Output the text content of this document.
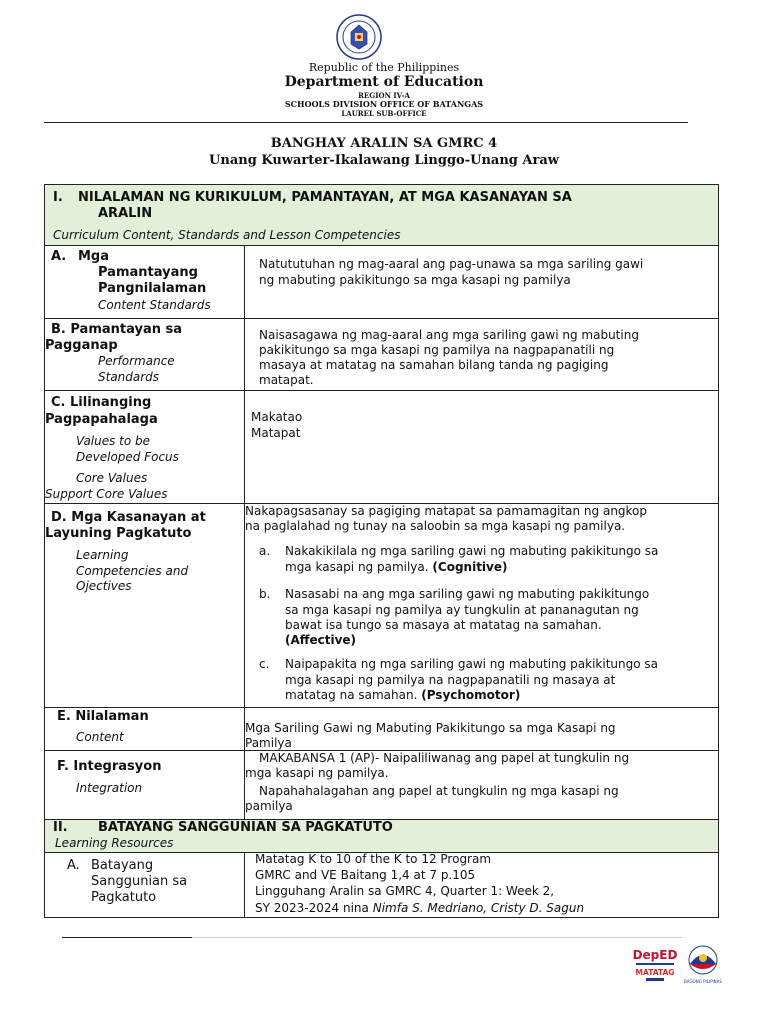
Republic of the Philippines
Department of Education
REGION IV-A
SCHOOLS DIVISION OFFICE OF BATANGAS
LAUREL SUB-OFFICE
BANGHAY ARALIN SA GMRC 4
Unang Kuwarter-Ikalawang Linggo-Unang Araw
I. NILALAMAN NG KURIKULUM, PAMANTAYAN, AT MGA KASANAYAN SA
ARALIN
Curriculum Content, Standards and Lesson Competencies
A. Mga
Pamantayang
Pangnilalaman
Content Standards
Natututuhan ng mag-aaral ang pag-unawa sa mga sariling gawi
ng mabuting pakikitungo sa mga kasapi ng pamilya
B. Pamantayan sa
Pagganap
Performance
Standards
Naisasagawa ng mag-aaral ang mga sariling gawi ng mabuting
pakikitungo sa mga kasapi ng pamilya na nagpapanatili ng
masaya at matatag na samahan bilang tanda ng pagiging
matapat.
C. Lilinanging
Pagpapahalaga
Values to be
Developed Focus
Core Values
Support Core Values
Makatao
Matapat
D. Mga Kasanayan at
Layuning Pagkatuto
Learning
Competencies and
Ojectives
Nakapagsasanay sa pagiging matapat sa pamamagitan ng angkop
na paglalahad ng tunay na saloobin sa mga kasapi ng pamilya.
a. Nakakikilala ng mga sariling gawi ng mabuting pakikitungo sa
mga kasapi ng pamilya. (Cognitive)
b. Nasasabi na ang mga sariling gawi ng mabuting pakikitungo
sa mga kasapi ng pamilya ay tungkulin at pananagutan ng
bawat isa tungo sa masaya at matatag na samahan.
(Affective)
c. Naipapakita ng mga sariling gawi ng mabuting pakikitungo sa
mga kasapi ng pamilya na nagpapanatili ng masaya at
matatag na samahan. (Psychomotor)
E. Nilalaman
Content
Mga Sariling Gawi ng Mabuting Pakikitungo sa mga Kasapi ng
Pamilya
F. Integrasyon
Integration
MAKABANSA 1 (AP)- Naipaliliwanag ang papel at tungkulin ng
mga kasapi ng pamilya.
Napahahalagahan ang papel at tungkulin ng mga kasapi ng
pamilya
II. BATAYANG SANGGUNIAN SA PAGKATUTO
Learning Resources
A. Batayang
Sanggunian sa
Pagkatuto
Matatag K to 10 of the K to 12 Program
GMRC and VE Baitang 1,4 at 7 p.105
Lingguhang Aralin sa GMRC 4, Quarter 1: Week 2,
SY 2023-2024 nina Nimfa S. Medriano, Cristy D. Sagun
DepED
MATATAG
BAGONG PILIPINAS
